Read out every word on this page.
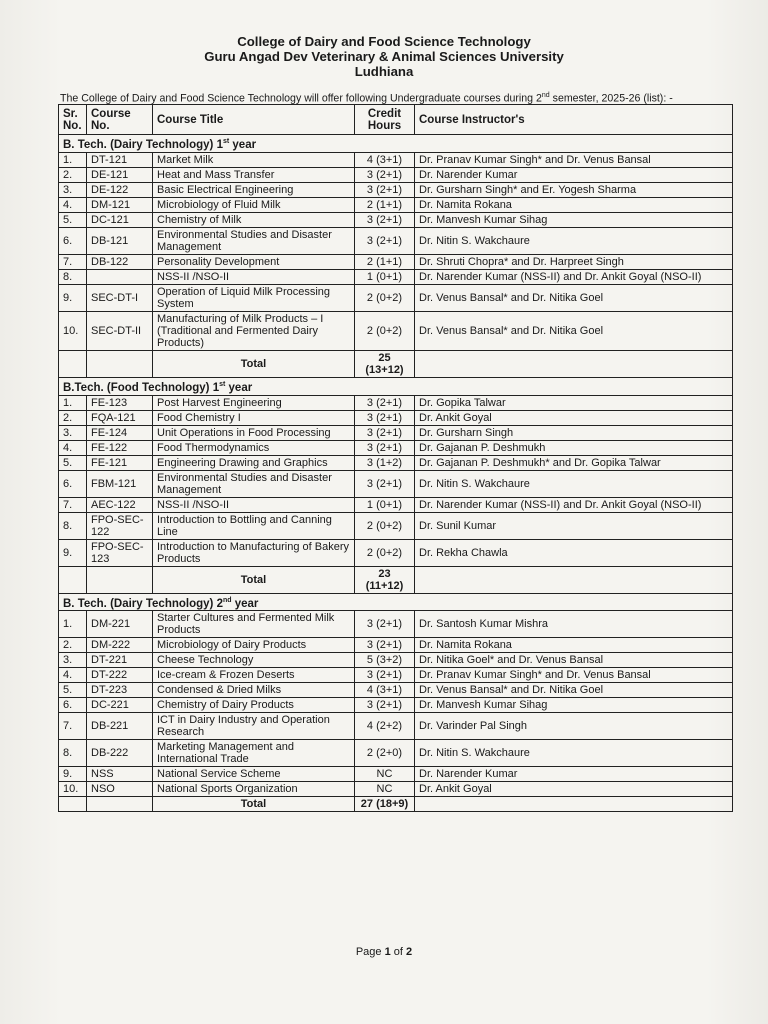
College of Dairy and Food Science Technology
Guru Angad Dev Veterinary & Animal Sciences University
Ludhiana
The College of Dairy and Food Science Technology will offer following Undergraduate courses during 2nd semester, 2025-26 (list): -
Sr. No.	Course No.	Course Title	Credit Hours	Course Instructor's
B. Tech. (Dairy Technology) 1st year				
1.	DT-121	Market Milk	4 (3+1)	Dr. Pranav Kumar Singh* and Dr. Venus Bansal
2.	DE-121	Heat and Mass Transfer	3 (2+1)	Dr. Narender Kumar
3.	DE-122	Basic Electrical Engineering	3 (2+1)	Dr. Gursharn Singh* and Er. Yogesh Sharma
4.	DM-121	Microbiology of Fluid Milk	2 (1+1)	Dr. Namita Rokana
5.	DC-121	Chemistry of Milk	3 (2+1)	Dr. Manvesh Kumar Sihag
6.	DB-121	Environmental Studies and Disaster Management	3 (2+1)	Dr. Nitin S. Wakchaure
7.	DB-122	Personality Development	2 (1+1)	Dr. Shruti Chopra* and Dr. Harpreet Singh
8.		NSS-II /NSO-II	1 (0+1)	Dr. Narender Kumar (NSS-II) and Dr. Ankit Goyal (NSO-II)
9.	SEC-DT-I	Operation of Liquid Milk Processing System	2 (0+2)	Dr. Venus Bansal* and Dr. Nitika Goel
10.	SEC-DT-II	Manufacturing of Milk Products – I (Traditional and Fermented Dairy Products)	2 (0+2)	Dr. Venus Bansal* and Dr. Nitika Goel
		Total	25 (13+12)	
B.Tech. (Food Technology) 1st year				
1.	FE-123	Post Harvest Engineering	3 (2+1)	Dr. Gopika Talwar
2.	FQA-121	Food Chemistry I	3 (2+1)	Dr. Ankit Goyal
3.	FE-124	Unit Operations in Food Processing	3 (2+1)	Dr. Gursharn Singh
4.	FE-122	Food Thermodynamics	3 (2+1)	Dr. Gajanan P. Deshmukh
5.	FE-121	Engineering Drawing and Graphics	3 (1+2)	Dr. Gajanan P. Deshmukh* and Dr. Gopika Talwar
6.	FBM-121	Environmental Studies and Disaster Management	3 (2+1)	Dr. Nitin S. Wakchaure
7.	AEC-122	NSS-II /NSO-II	1 (0+1)	Dr. Narender Kumar (NSS-II) and Dr. Ankit Goyal (NSO-II)
8.	FPO-SEC-122	Introduction to Bottling and Canning Line	2 (0+2)	Dr. Sunil Kumar
9.	FPO-SEC-123	Introduction to Manufacturing of Bakery Products	2 (0+2)	Dr. Rekha Chawla
		Total	23 (11+12)	
B. Tech. (Dairy Technology) 2nd year				
1.	DM-221	Starter Cultures and Fermented Milk Products	3 (2+1)	Dr. Santosh Kumar Mishra
2.	DM-222	Microbiology of Dairy Products	3 (2+1)	Dr. Namita Rokana
3.	DT-221	Cheese Technology	5 (3+2)	Dr. Nitika Goel* and Dr. Venus Bansal
4.	DT-222	Ice-cream & Frozen Deserts	3 (2+1)	Dr. Pranav Kumar Singh* and Dr. Venus Bansal
5.	DT-223	Condensed & Dried Milks	4 (3+1)	Dr. Venus Bansal* and Dr. Nitika Goel
6.	DC-221	Chemistry of Dairy Products	3 (2+1)	Dr. Manvesh Kumar Sihag
7.	DB-221	ICT in Dairy Industry and Operation Research	4 (2+2)	Dr. Varinder Pal Singh
8.	DB-222	Marketing Management and International Trade	2 (2+0)	Dr. Nitin S. Wakchaure
9.	NSS	National Service Scheme	NC	Dr. Narender Kumar
10.	NSO	National Sports Organization	NC	Dr. Ankit Goyal
		Total	27 (18+9)	
Page 1 of 2
